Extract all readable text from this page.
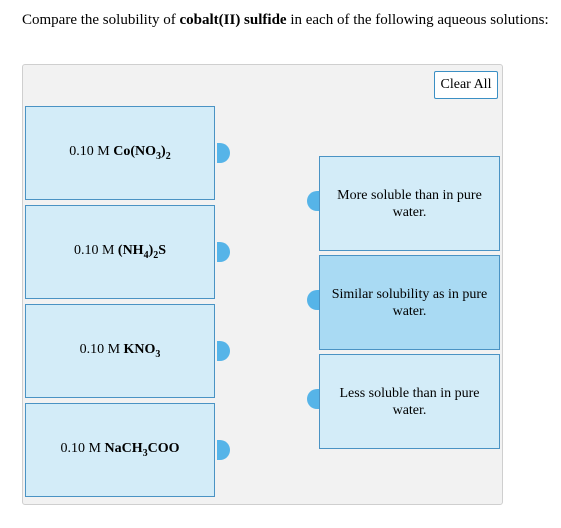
Compare the solubility of cobalt(II) sulfide in each of the following aqueous solutions:
Clear All
0.10 M $Co(NO_3)_2$
0.10 M $(NH_4)_2S$
0.10 M $KNO_3$
0.10 M NaCH$_3$COO
More soluble than in pure water.
Similar solubility as in pure water.
Less soluble than in pure water.
